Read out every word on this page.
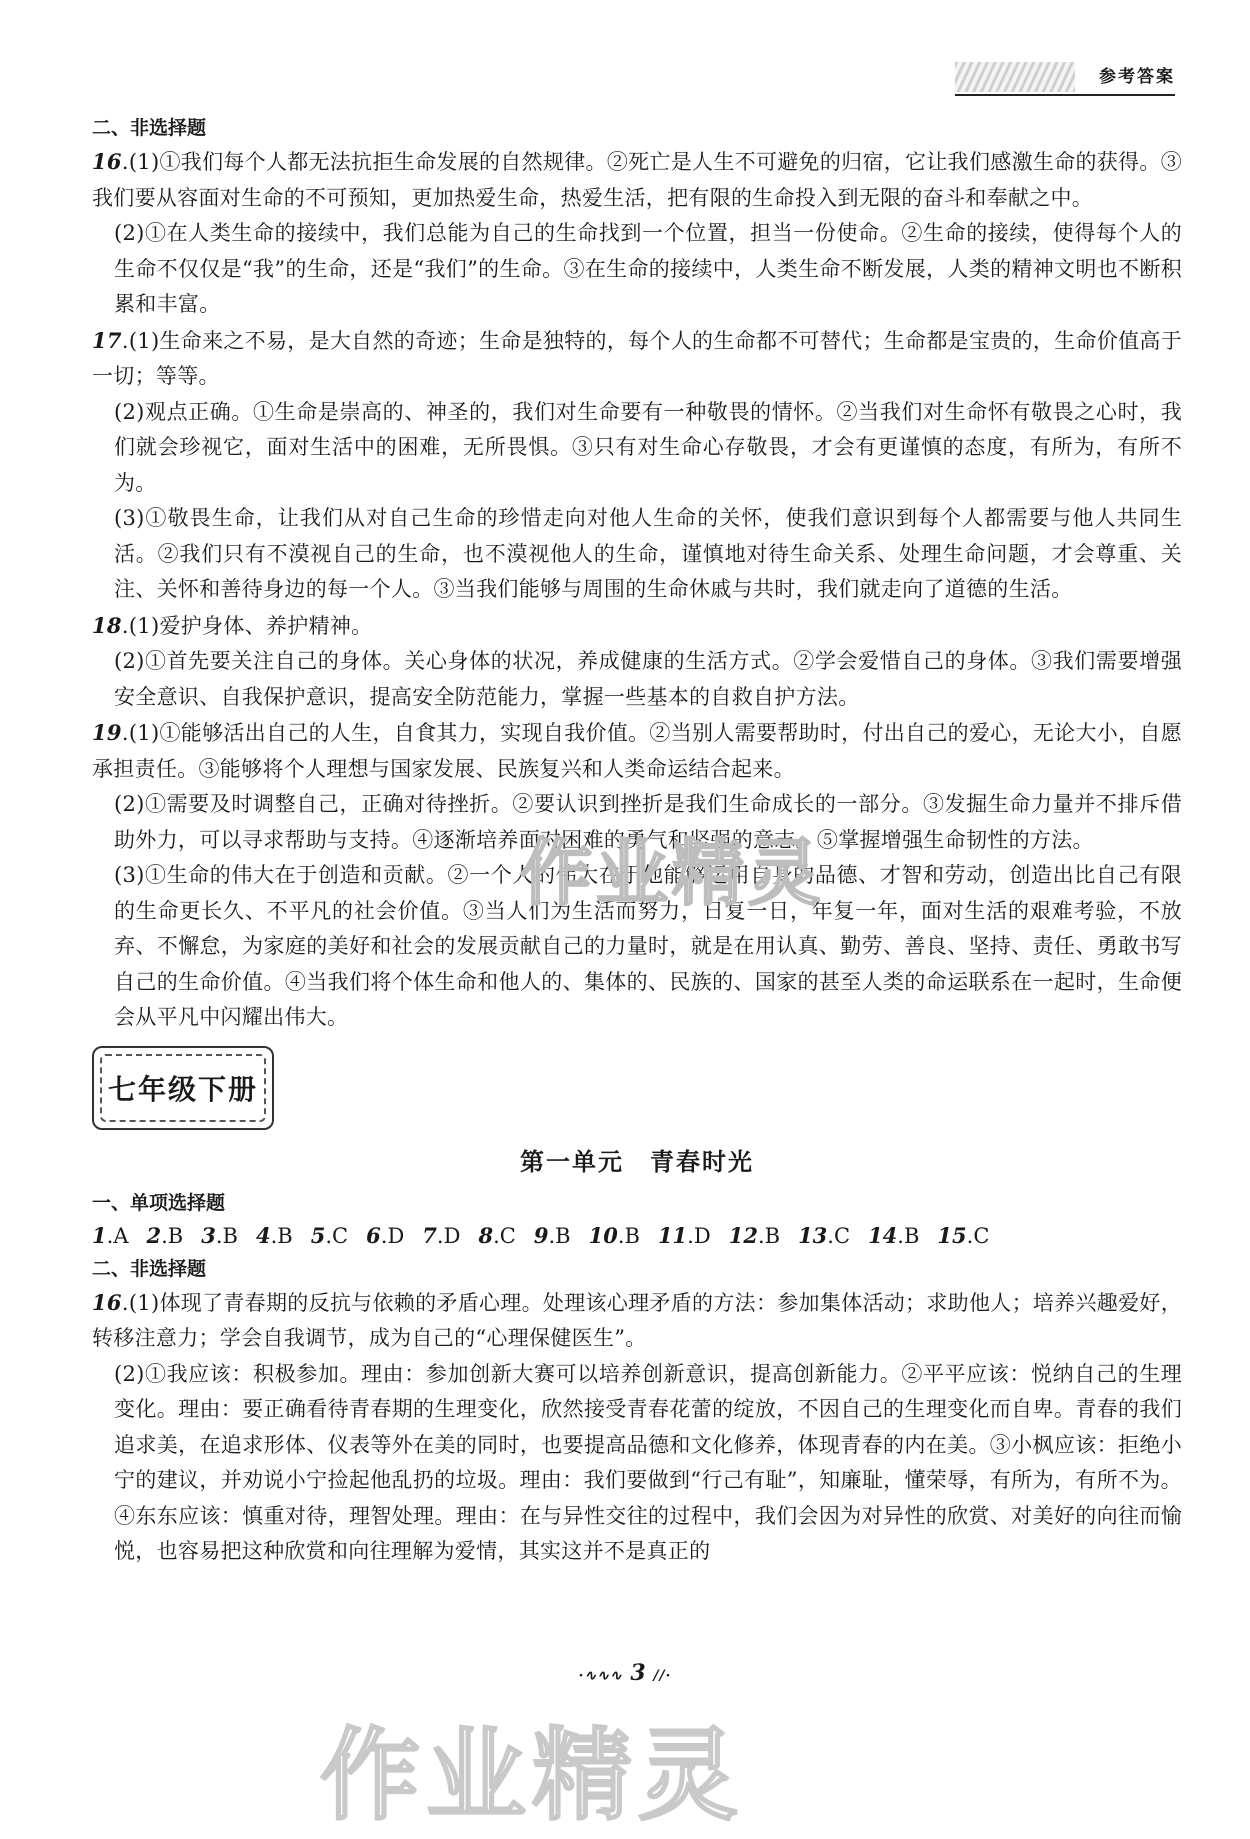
参考答案
二、非选择题
16.(1)①我们每个人都无法抗拒生命发展的自然规律。②死亡是人生不可避免的归宿，它让我们感激生命的获得。③我们要从容面对生命的不可预知，更加热爱生命，热爱生活，把有限的生命投入到无限的奋斗和奉献之中。
(2)①在人类生命的接续中，我们总能为自己的生命找到一个位置，担当一份使命。②生命的接续，使得每个人的生命不仅仅是“我”的生命，还是“我们”的生命。③在生命的接续中，人类生命不断发展，人类的精神文明也不断积累和丰富。
17.(1)生命来之不易，是大自然的奇迹；生命是独特的，每个人的生命都不可替代；生命都是宝贵的，生命价值高于一切；等等。
(2)观点正确。①生命是崇高的、神圣的，我们对生命要有一种敬畏的情怀。②当我们对生命怀有敬畏之心时，我们就会珍视它，面对生活中的困难，无所畏惧。③只有对生命心存敬畏，才会有更谨慎的态度，有所为，有所不为。
(3)①敬畏生命，让我们从对自己生命的珍惜走向对他人生命的关怀，使我们意识到每个人都需要与他人共同生活。②我们只有不漠视自己的生命，也不漠视他人的生命，谨慎地对待生命关系、处理生命问题，才会尊重、关注、关怀和善待身边的每一个人。③当我们能够与周围的生命休戚与共时，我们就走向了道德的生活。
18.(1)爱护身体、养护精神。
(2)①首先要关注自己的身体。关心身体的状况，养成健康的生活方式。②学会爱惜自己的身体。③我们需要增强安全意识、自我保护意识，提高安全防范能力，掌握一些基本的自救自护方法。
19.(1)①能够活出自己的人生，自食其力，实现自我价值。②当别人需要帮助时，付出自己的爱心，无论大小，自愿承担责任。③能够将个人理想与国家发展、民族复兴和人类命运结合起来。
(2)①需要及时调整自己，正确对待挫折。②要认识到挫折是我们生命成长的一部分。③发掘生命力量并不排斥借助外力，可以寻求帮助与支持。④逐渐培养面对困难的勇气和坚强的意志。⑤掌握增强生命韧性的方法。
(3)①生命的伟大在于创造和贡献。②一个人的伟大在于他能够运用自身的品德、才智和劳动，创造出比自己有限的生命更长久、不平凡的社会价值。③当人们为生活而努力，日复一日，年复一年，面对生活的艰难考验，不放弃、不懈怠，为家庭的美好和社会的发展贡献自己的力量时，就是在用认真、勤劳、善良、坚持、责任、勇敢书写自己的生命价值。④当我们将个体生命和他人的、集体的、民族的、国家的甚至人类的命运联系在一起时，生命便会从平凡中闪耀出伟大。
七年级下册
第一单元　青春时光
一、单项选择题
1.A 2.B 3.B 4.B 5.C 6.D 7.D 8.C 9.B 10.B 11.D 12.B 13.C 14.B 15.C
二、非选择题
16.(1)体现了青春期的反抗与依赖的矛盾心理。处理该心理矛盾的方法：参加集体活动；求助他人；培养兴趣爱好，转移注意力；学会自我调节，成为自己的“心理保健医生”。
(2)①我应该：积极参加。理由：参加创新大赛可以培养创新意识，提高创新能力。②平平应该：悦纳自己的生理变化。理由：要正确看待青春期的生理变化，欣然接受青春花蕾的绽放，不因自己的生理变化而自卑。青春的我们追求美，在追求形体、仪表等外在美的同时，也要提高品德和文化修养，体现青春的内在美。③小枫应该：拒绝小宁的建议，并劝说小宁捡起他乱扔的垃圾。理由：我们要做到“行己有耻”，知廉耻，懂荣辱，有所为，有所不为。④东东应该：慎重对待，理智处理。理由：在与异性交往的过程中，我们会因为对异性的欣赏、对美好的向往而愉悦，也容易把这种欣赏和向往理解为爱情，其实这并不是真正的
作业精灵
·∿∿∿ 3 //·
作业精灵
